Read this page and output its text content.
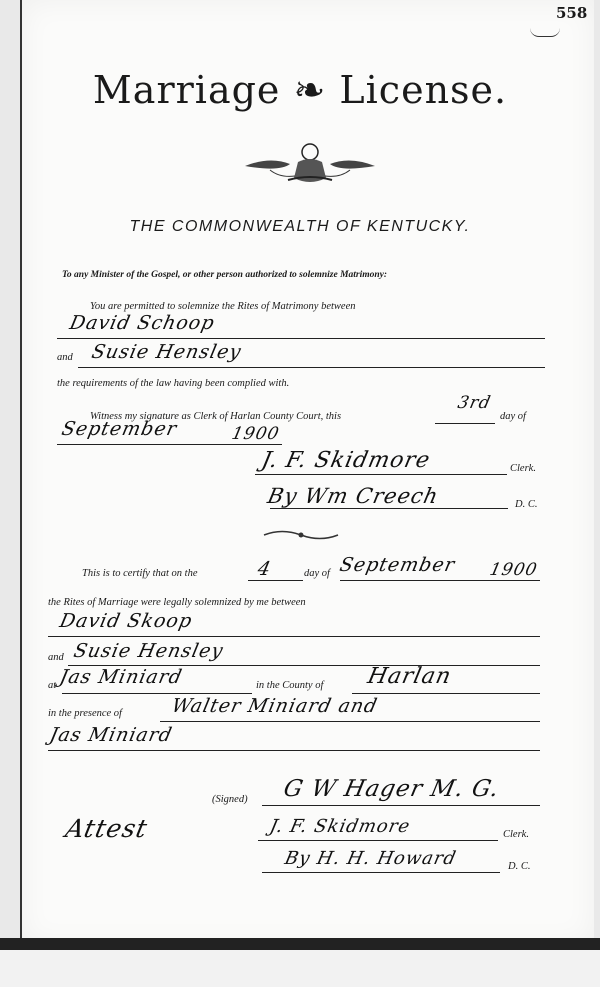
558
Marriage ❧ License.
THE COMMONWEALTH OF KENTUCKY.
To any Minister of the Gospel, or other person authorized to solemnize Matrimony:
You are permitted to solemnize the Rites of Matrimony between
David Schoop
and Susie Hensley
the requirements of the law having been complied with.
Witness my signature as Clerk of Harlan County Court, this
3rd
day of
September	1900
J. F. Skidmore	Clerk.
By Wm Creech	D. C.
This is to certify that on the	4	day of September 1900
the Rites of Marriage were legally solemnized by me between
David Skoop
and Susie Hensley
at Jas Miniard	in the County of Harlan
in the presence of	Walter Miniard and
Jas Miniard
(Signed) G W Hager M. G.
Attest	J. F. Skidmore	Clerk.
By H. H. Howard	D. C.
